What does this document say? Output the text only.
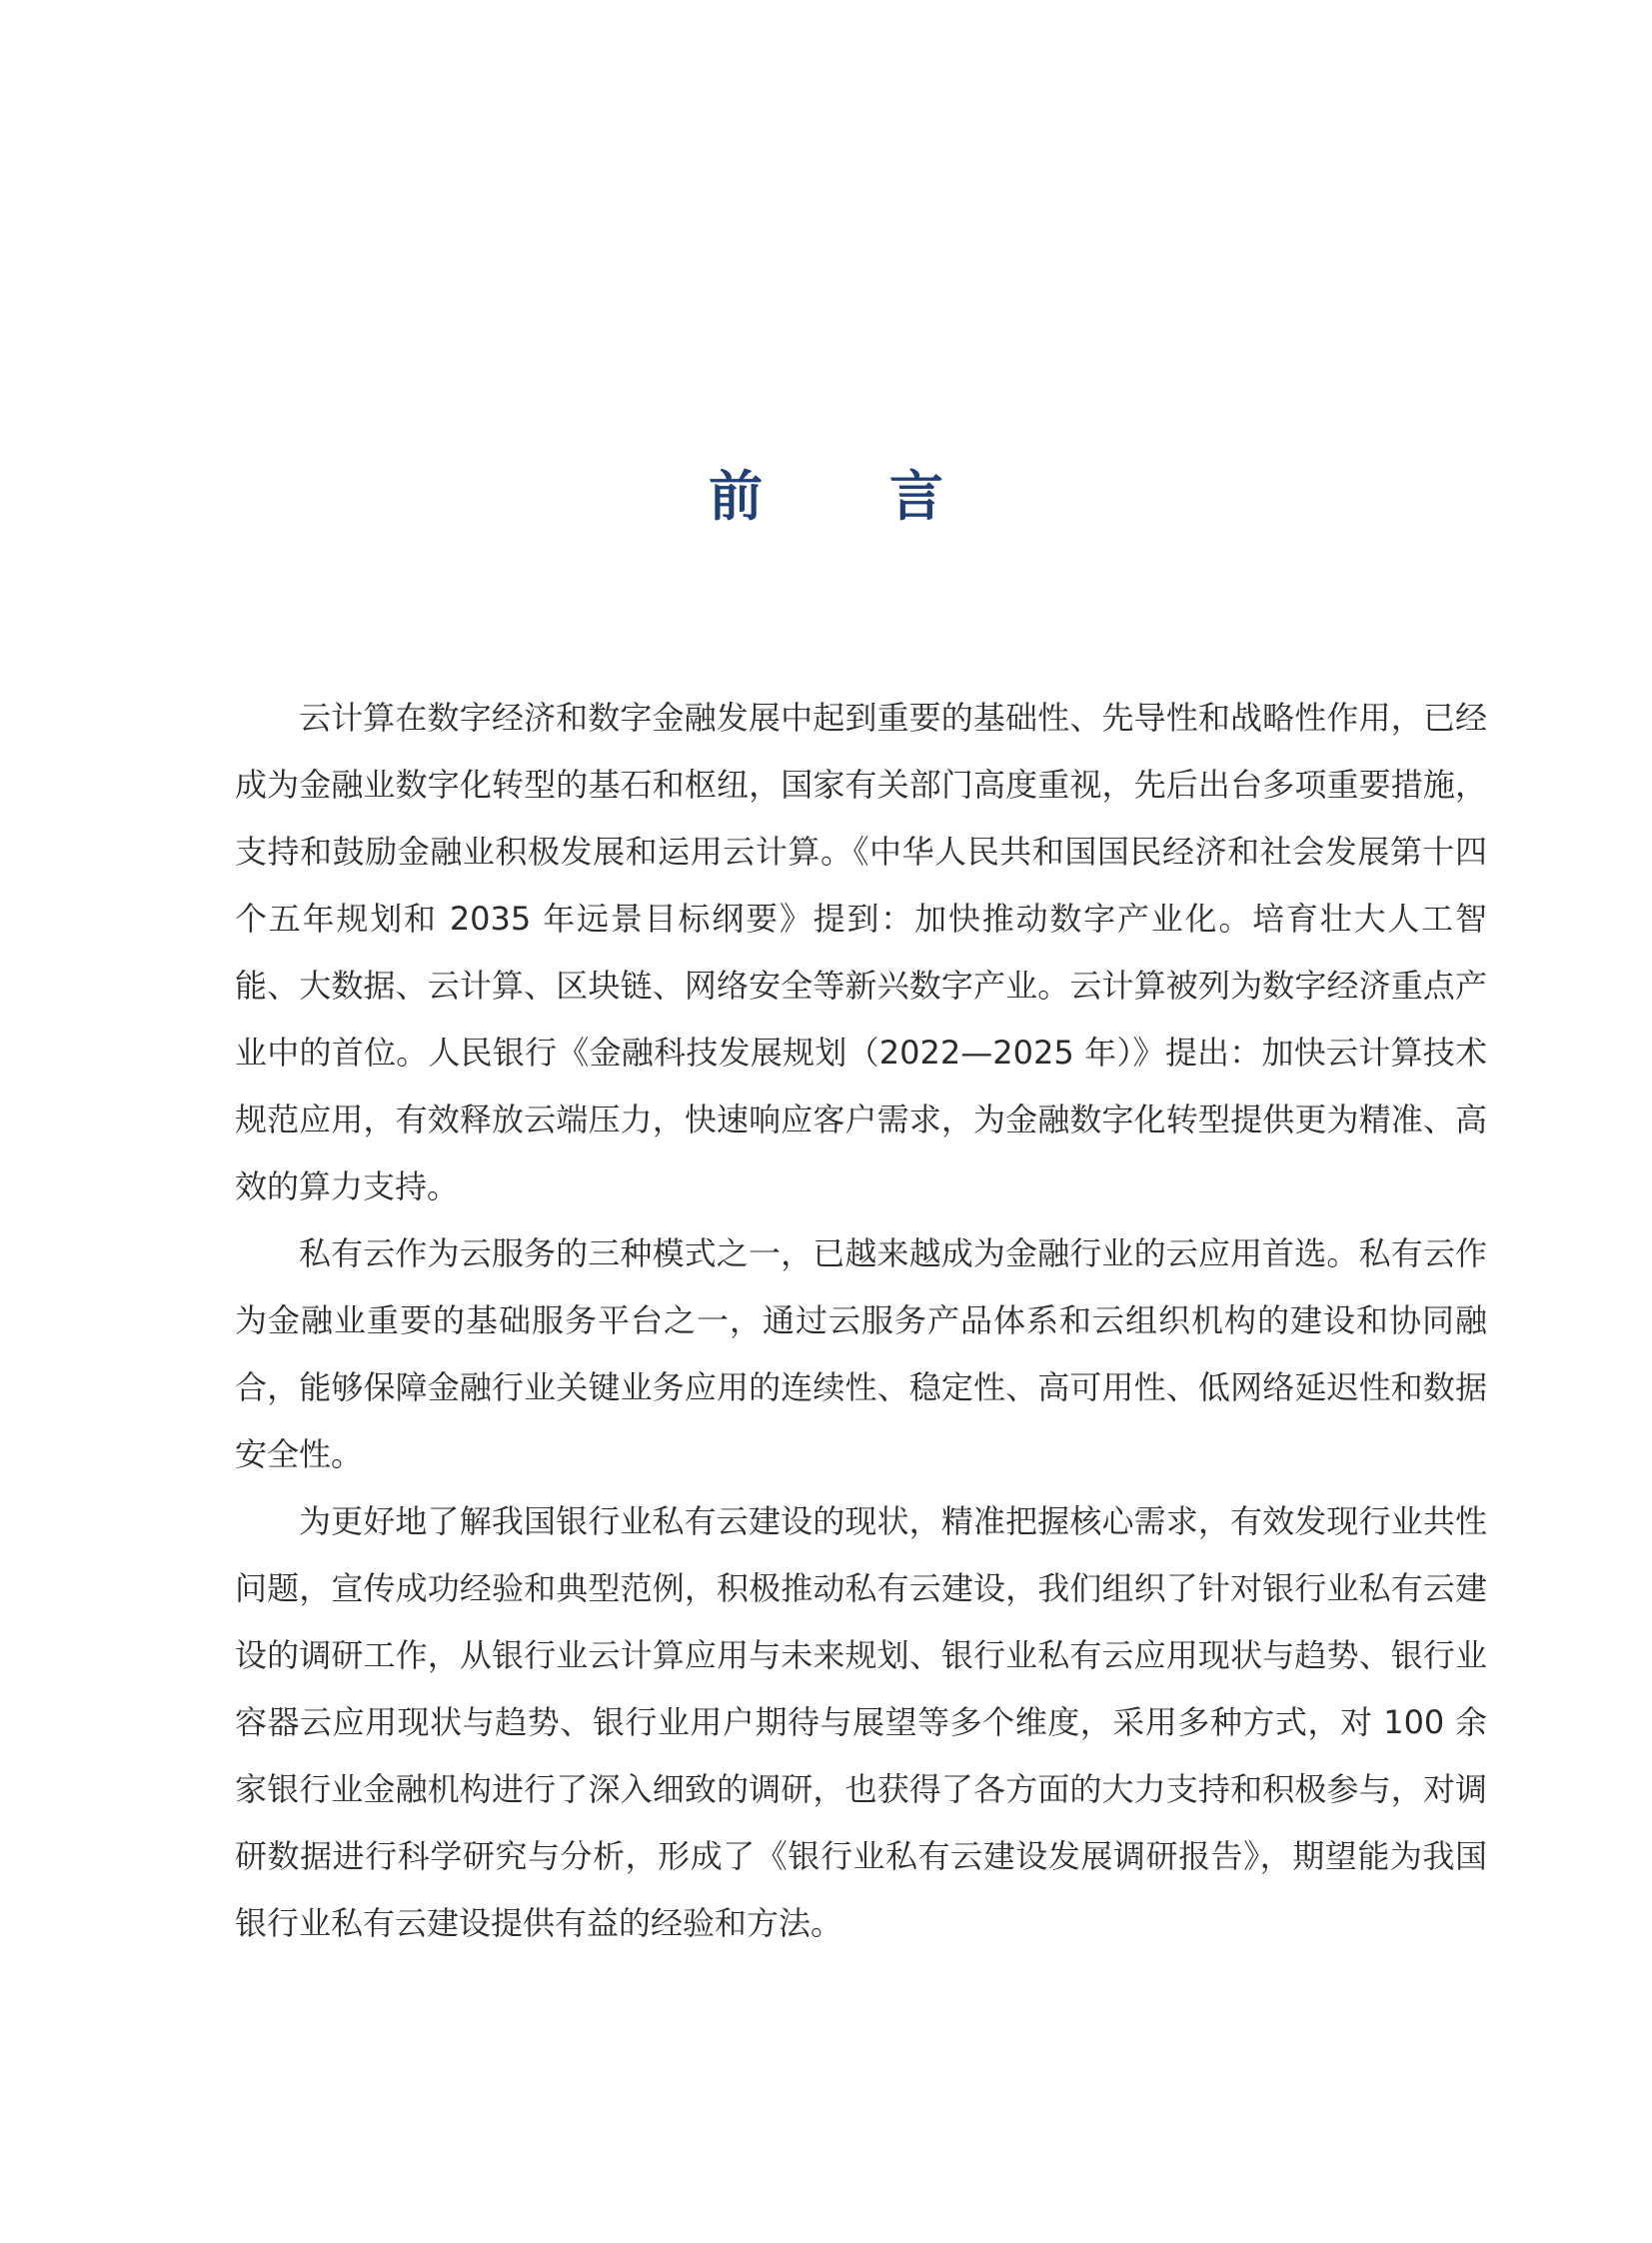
前 言

云计算在数字经济和数字金融发展中起到重要的基础性、先导性和战略性作用，已经成为金融业数字化转型的基石和枢纽，国家有关部门高度重视，先后出台多项重要措施，支持和鼓励金融业积极发展和运用云计算。《中华人民共和国国民经济和社会发展第十四个五年规划和 2035 年远景目标纲要》提到：加快推动数字产业化。培育壮大人工智能、大数据、云计算、区块链、网络安全等新兴数字产业。云计算被列为数字经济重点产业中的首位。人民银行《金融科技发展规划（2022—2025 年）》提出：加快云计算技术规范应用，有效释放云端压力，快速响应客户需求，为金融数字化转型提供更为精准、高效的算力支持。

私有云作为云服务的三种模式之一，已越来越成为金融行业的云应用首选。私有云作为金融业重要的基础服务平台之一，通过云服务产品体系和云组织机构的建设和协同融合，能够保障金融行业关键业务应用的连续性、稳定性、高可用性、低网络延迟性和数据安全性。

为更好地了解我国银行业私有云建设的现状，精准把握核心需求，有效发现行业共性问题，宣传成功经验和典型范例，积极推动私有云建设，我们组织了针对银行业私有云建设的调研工作，从银行业云计算应用与未来规划、银行业私有云应用现状与趋势、银行业容器云应用现状与趋势、银行业用户期待与展望等多个维度，采用多种方式，对 100 余家银行业金融机构进行了深入细致的调研，也获得了各方面的大力支持和积极参与，对调研数据进行科学研究与分析，形成了《银行业私有云建设发展调研报告》，期望能为我国银行业私有云建设提供有益的经验和方法。
